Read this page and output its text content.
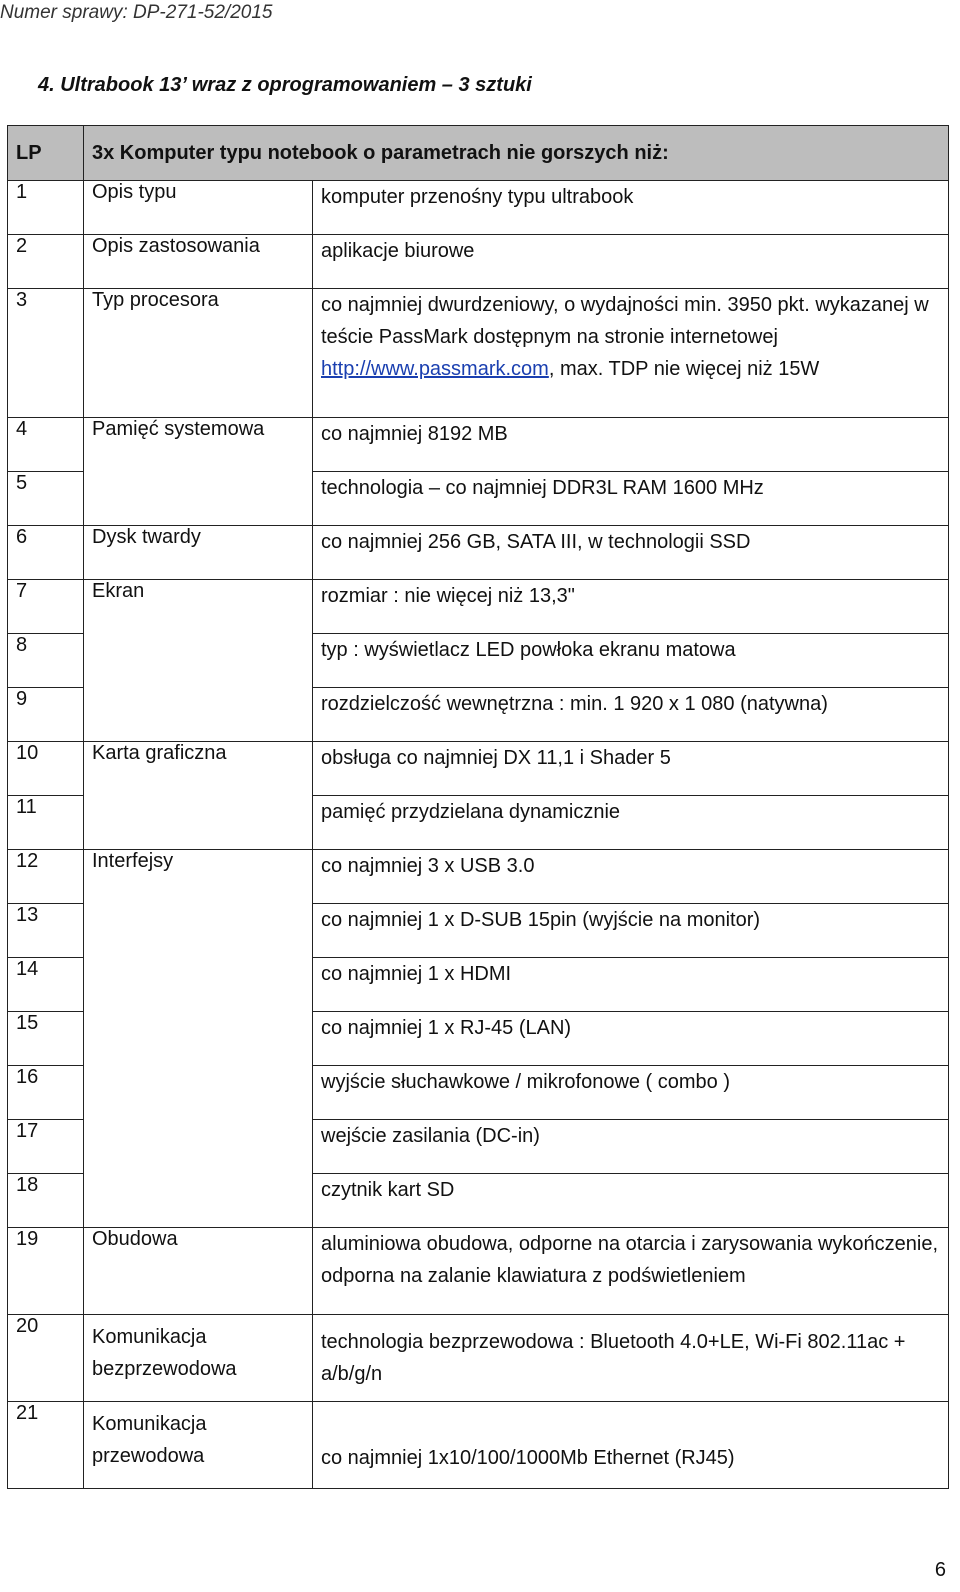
Numer sprawy: DP-271-52/2015
4. Ultrabook 13’ wraz z oprogramowaniem – 3 sztuki
LP	3x Komputer typu notebook o parametrach nie gorszych niż:	
1	Opis typu	komputer przenośny typu ultrabook
2	Opis zastosowania	aplikacje biurowe
3	Typ procesora	co najmniej dwurdzeniowy, o wydajności min. 3950 pkt. wykazanej w teście PassMark dostępnym na stronie internetowej http://www.passmark.com, max. TDP nie więcej niż 15W
4	Pamięć systemowa	co najmniej 8192 MB
5		technologia – co najmniej DDR3L RAM 1600 MHz
6	Dysk twardy	co najmniej 256 GB, SATA III, w technologii SSD
7	Ekran	rozmiar : nie więcej niż 13,3"
8		typ : wyświetlacz LED powłoka ekranu matowa
9		rozdzielczość wewnętrzna : min. 1 920 x 1 080 (natywna)
10	Karta graficzna	obsługa co najmniej DX 11,1 i Shader 5
11		pamięć przydzielana dynamicznie
12	Interfejsy	co najmniej 3 x USB 3.0
13		co najmniej 1 x D-SUB 15pin (wyjście na monitor)
14		co najmniej 1 x HDMI
15		co najmniej 1 x RJ-45 (LAN)
16		wyjście słuchawkowe / mikrofonowe ( combo )
17		wejście zasilania (DC-in)
18		czytnik kart SD
19	Obudowa	aluminiowa obudowa, odporne na otarcia i zarysowania wykończenie, odporna na zalanie klawiatura z podświetleniem
20	Komunikacja bezprzewodowa	technologia bezprzewodowa : Bluetooth 4.0+LE, Wi-Fi 802.11ac + a/b/g/n
21	Komunikacja przewodowa	co najmniej 1x10/100/1000Mb Ethernet (RJ45)
6
